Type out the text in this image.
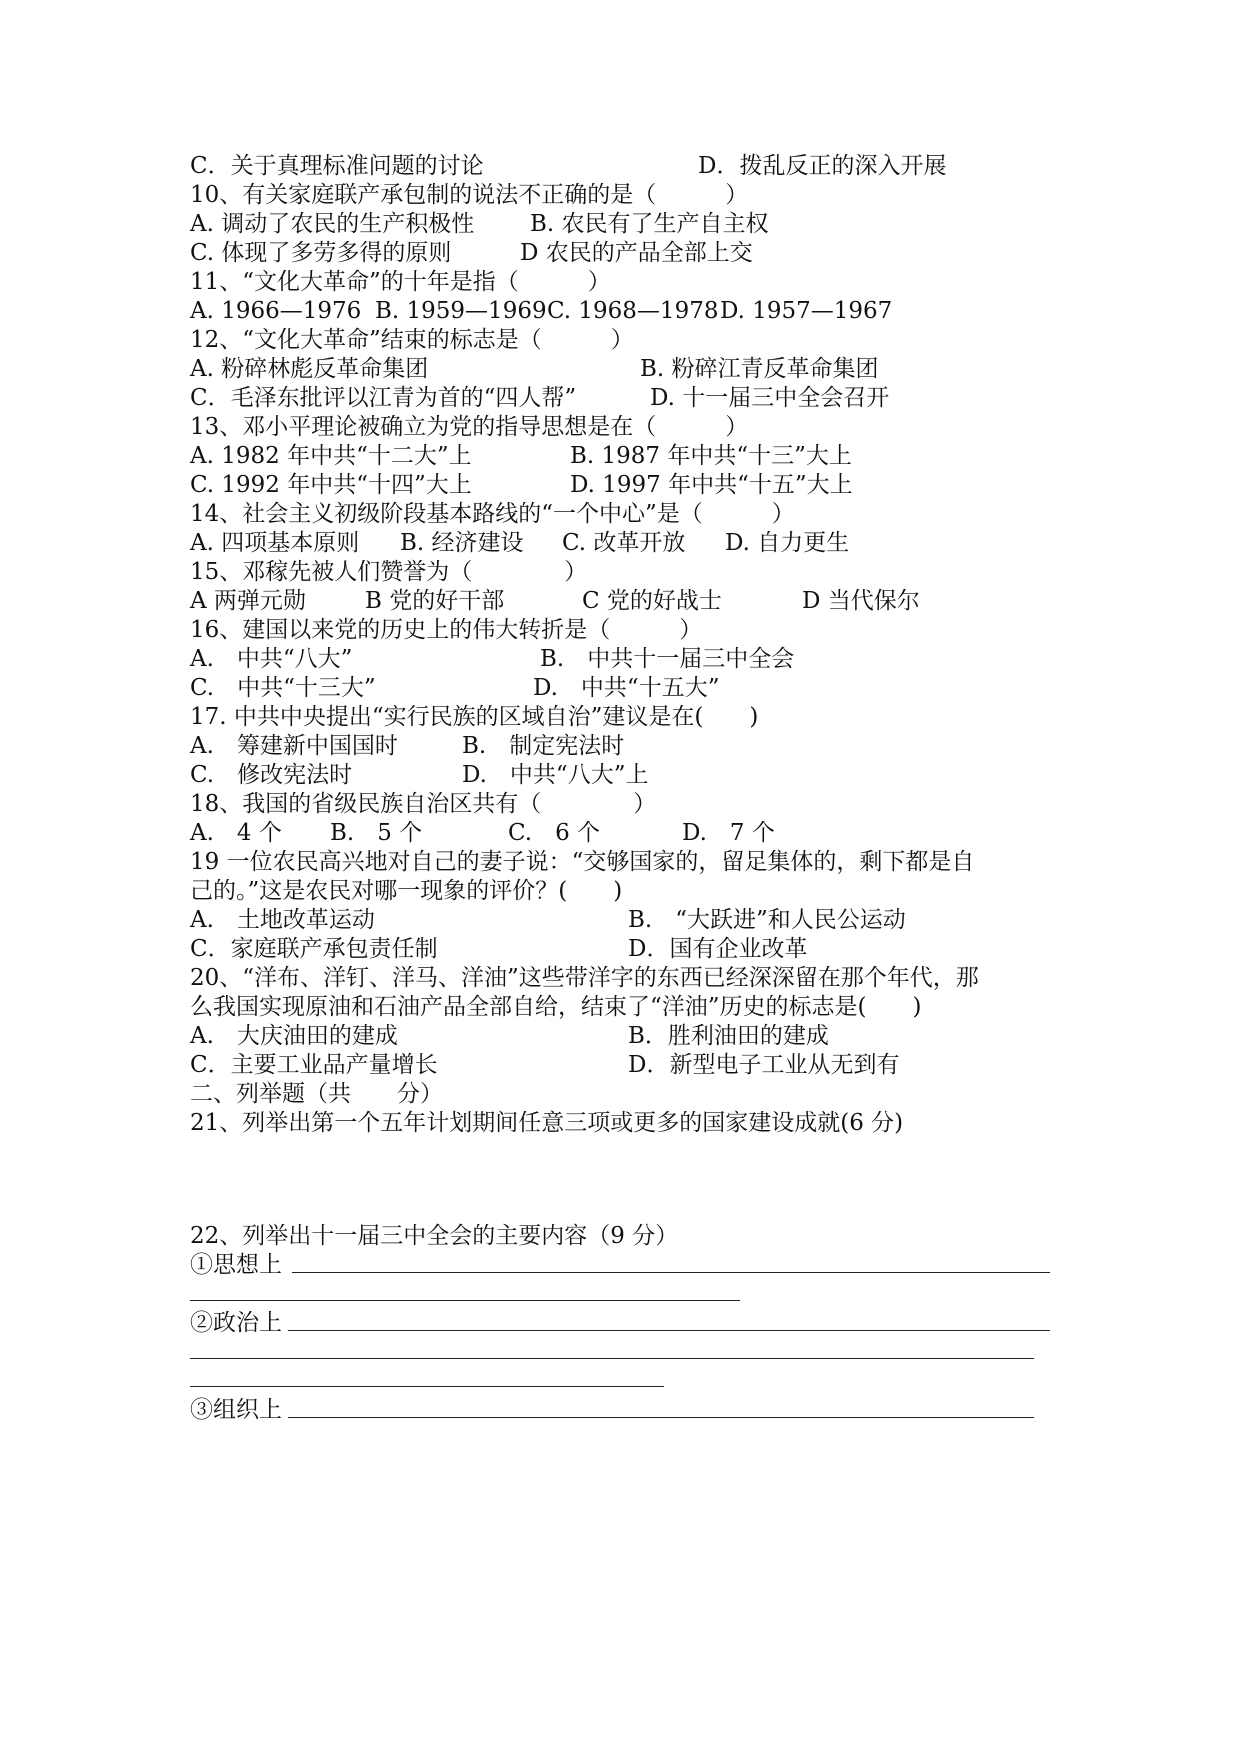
C．关于真理标准问题的讨论	D．拨乱反正的深入开展
10、有关家庭联产承包制的说法不正确的是（　　　）
A. 调动了农民的生产积极性 B. 农民有了生产自主权
C. 体现了多劳多得的原则	D 农民的产品全部上交
11、“文化大革命”的十年是指（　　　）
A. 1966—1976 B. 1959—1969 C. 1968—1978 D. 1957—1967
12、“文化大革命”结束的标志是（　　　）
A. 粉碎林彪反革命集团	B. 粉碎江青反革命集团
C．毛泽东批评以江青为首的“四人帮”	D. 十一届三中全会召开
13、邓小平理论被确立为党的指导思想是在（　　　）
A. 1982 年中共“十二大”上	B. 1987 年中共“十三”大上
C. 1992 年中共“十四”大上	D. 1997 年中共“十五”大上
14、社会主义初级阶段基本路线的“一个中心”是（　　　）
A. 四项基本原则 B. 经济建设 C. 改革开放 D. 自力更生
15、邓稼先被人们赞誉为（　　　　）
A 两弹元勋	B 党的好干部	C 党的好战士	D 当代保尔
16、建国以来党的历史上的伟大转折是（　　　）
A.　中共“八大”	B.　中共十一届三中全会
C.　中共“十三大”	D.　中共“十五大”
17. 中共中央提出“实行民族的区域自治”建议是在(　　)
A.　筹建新中国国时	B.　制定宪法时
C.　修改宪法时	D.　中共“八大”上
18、我国的省级民族自治区共有（　　　　）
A.　4 个 B.　5 个	C.　6 个	D.　7 个
19 一位农民高兴地对自己的妻子说：“交够国家的，留足集体的，剩下都是自
己的。”这是农民对哪一现象的评价？(　　)
A.　土地改革运动	B.　“大跃进”和人民公运动
C．家庭联产承包责任制	D．国有企业改革
20、“洋布、洋钉、洋马、洋油”这些带洋字的东西已经深深留在那个年代，那
么我国实现原油和石油产品全部自给，结束了“洋油”历史的标志是(　　)
A.　大庆油田的建成	B．胜利油田的建成
C．主要工业品产量增长	D．新型电子工业从无到有
二、列举题（共　　分）
21、列举出第一个五年计划期间任意三项或更多的国家建设成就(6 分)
22、列举出十一届三中全会的主要内容（9 分）
①思想上
②政治上
③组织上
